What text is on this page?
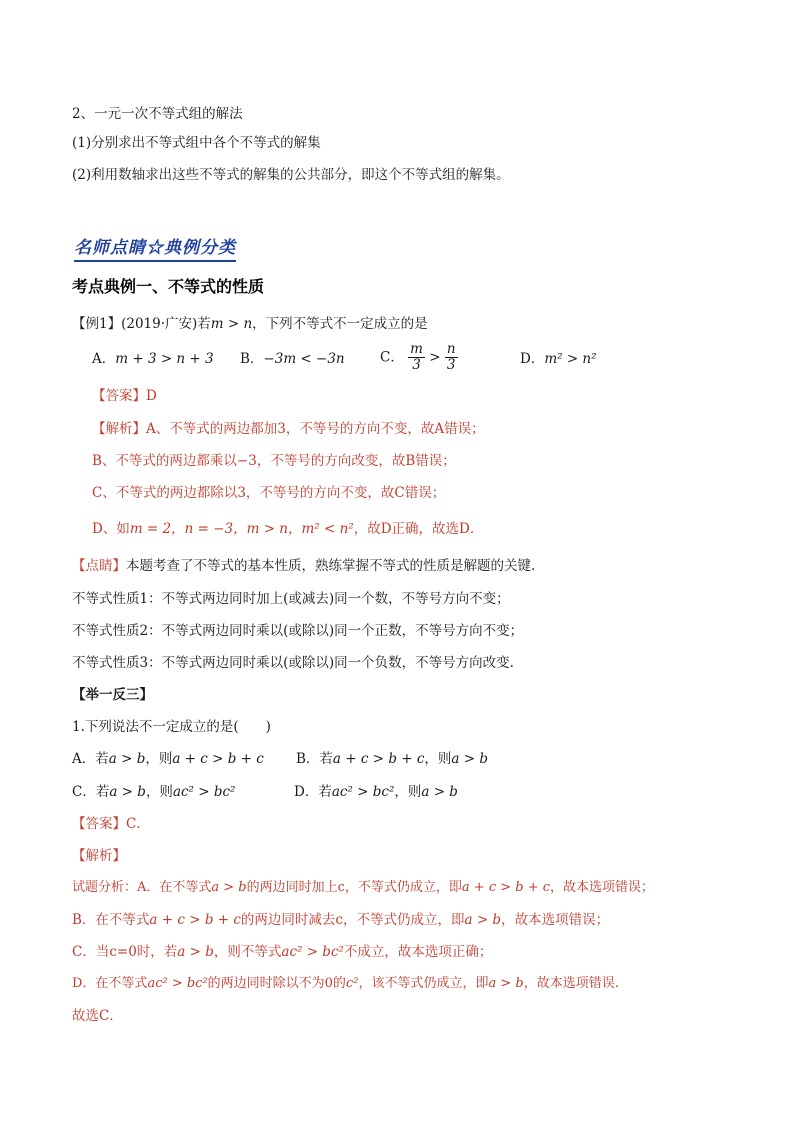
2、一元一次不等式组的解法
(1)分别求出不等式组中各个不等式的解集
(2)利用数轴求出这些不等式的解集的公共部分，即这个不等式组的解集。
名师点睛☆典例分类
考点典例一、不等式的性质
【例1】(2019·广安)若m > n，下列不等式不一定成立的是
A．m + 3 > n + 3 B．−3m < −3n	C． $\frac{m}{3} > \frac{n}{3}$	D．m² > n²
【答案】D
【解析】A、不等式的两边都加3，不等号的方向不变，故A错误；
B、不等式的两边都乘以−3，不等号的方向改变，故B错误；
C、不等式的两边都除以3，不等号的方向不变，故C错误；
D、如m = 2，n = −3，m > n，m² < n²，故D正确，故选D．
【点睛】本题考查了不等式的基本性质，熟练掌握不等式的性质是解题的关键.
不等式性质1：不等式两边同时加上(或减去)同一个数，不等号方向不变；
不等式性质2：不等式两边同时乘以(或除以)同一个正数，不等号方向不变；
不等式性质3：不等式两边同时乘以(或除以)同一个负数，不等号方向改变.
【举一反三】
1.下列说法不一定成立的是(　　)
A．若a > b，则a + c > b + c B．若a + c > b + c，则a > b
C．若a > b，则ac² > bc²	D．若ac² > bc²，则a > b
【答案】C．
【解析】
试题分析：A．在不等式a > b的两边同时加上c，不等式仍成立，即a + c > b + c，故本选项错误；
B．在不等式a + c > b + c的两边同时减去c，不等式仍成立，即a > b，故本选项错误；
C．当c=0时，若a > b，则不等式ac² > bc²不成立，故本选项正确；
D．在不等式ac² > bc²的两边同时除以不为0的c²，该不等式仍成立，即a > b，故本选项错误.
故选C．
